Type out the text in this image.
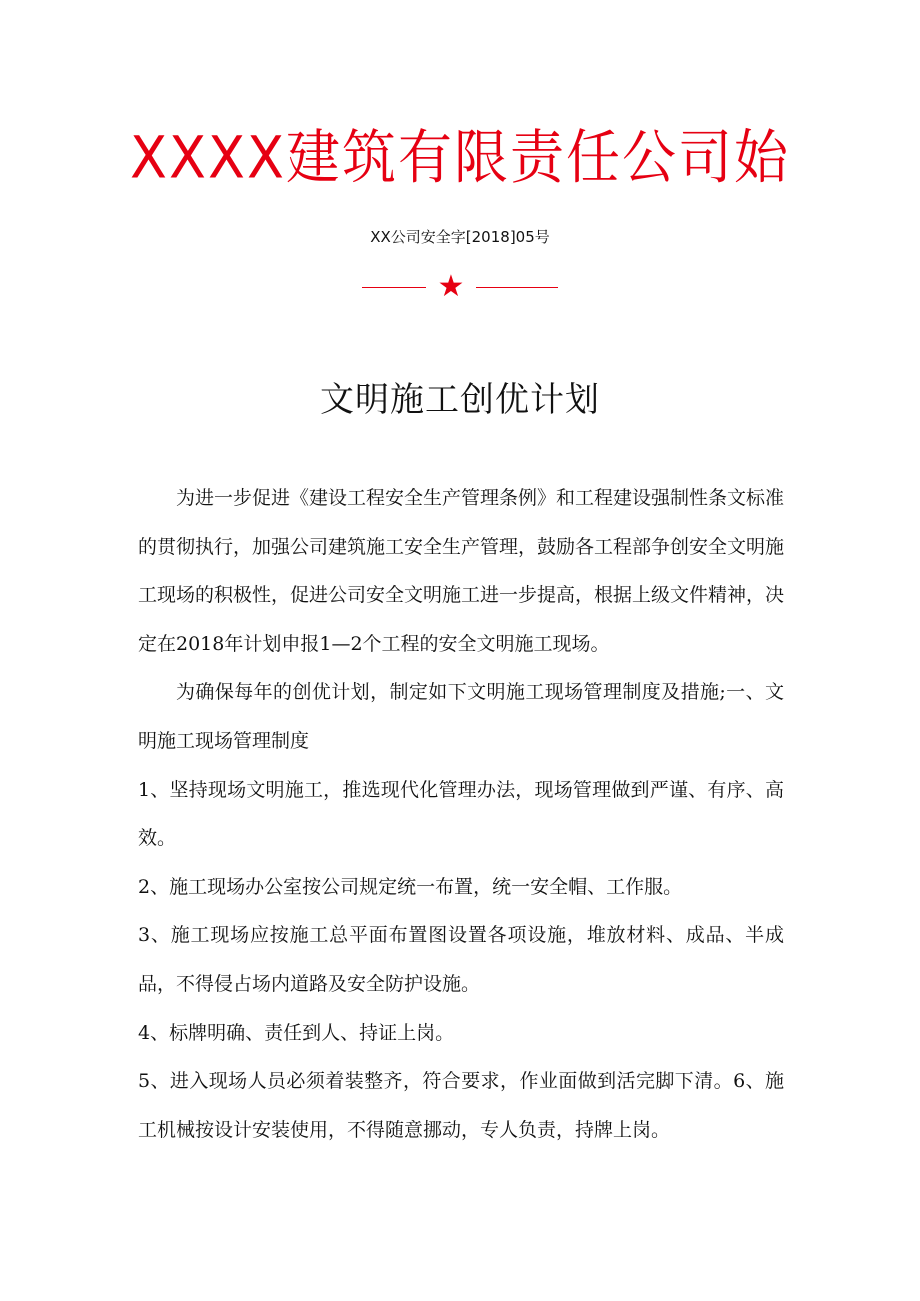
XXXX建筑有限责任公司始
XX公司安全字[2018]05号
★
文明施工创优计划

为进一步促进《建设工程安全生产管理条例》和工程建设强制性条文标准的贯彻执行，加强公司建筑施工安全生产管理，鼓励各工程部争创安全文明施工现场的积极性，促进公司安全文明施工进一步提高，根据上级文件精神，决定在2018年计划申报1—2个工程的安全文明施工现场。

为确保每年的创优计划，制定如下文明施工现场管理制度及措施;一、文明施工现场管理制度

1、坚持现场文明施工，推选现代化管理办法，现场管理做到严谨、有序、高效。

2、施工现场办公室按公司规定统一布置，统一安全帽、工作服。

3、施工现场应按施工总平面布置图设置各项设施，堆放材料、成品、半成品，不得侵占场内道路及安全防护设施。

4、标牌明确、责任到人、持证上岗。

5、进入现场人员必须着装整齐，符合要求，作业面做到活完脚下清。6、施工机械按设计安装使用，不得随意挪动，专人负责，持牌上岗。
